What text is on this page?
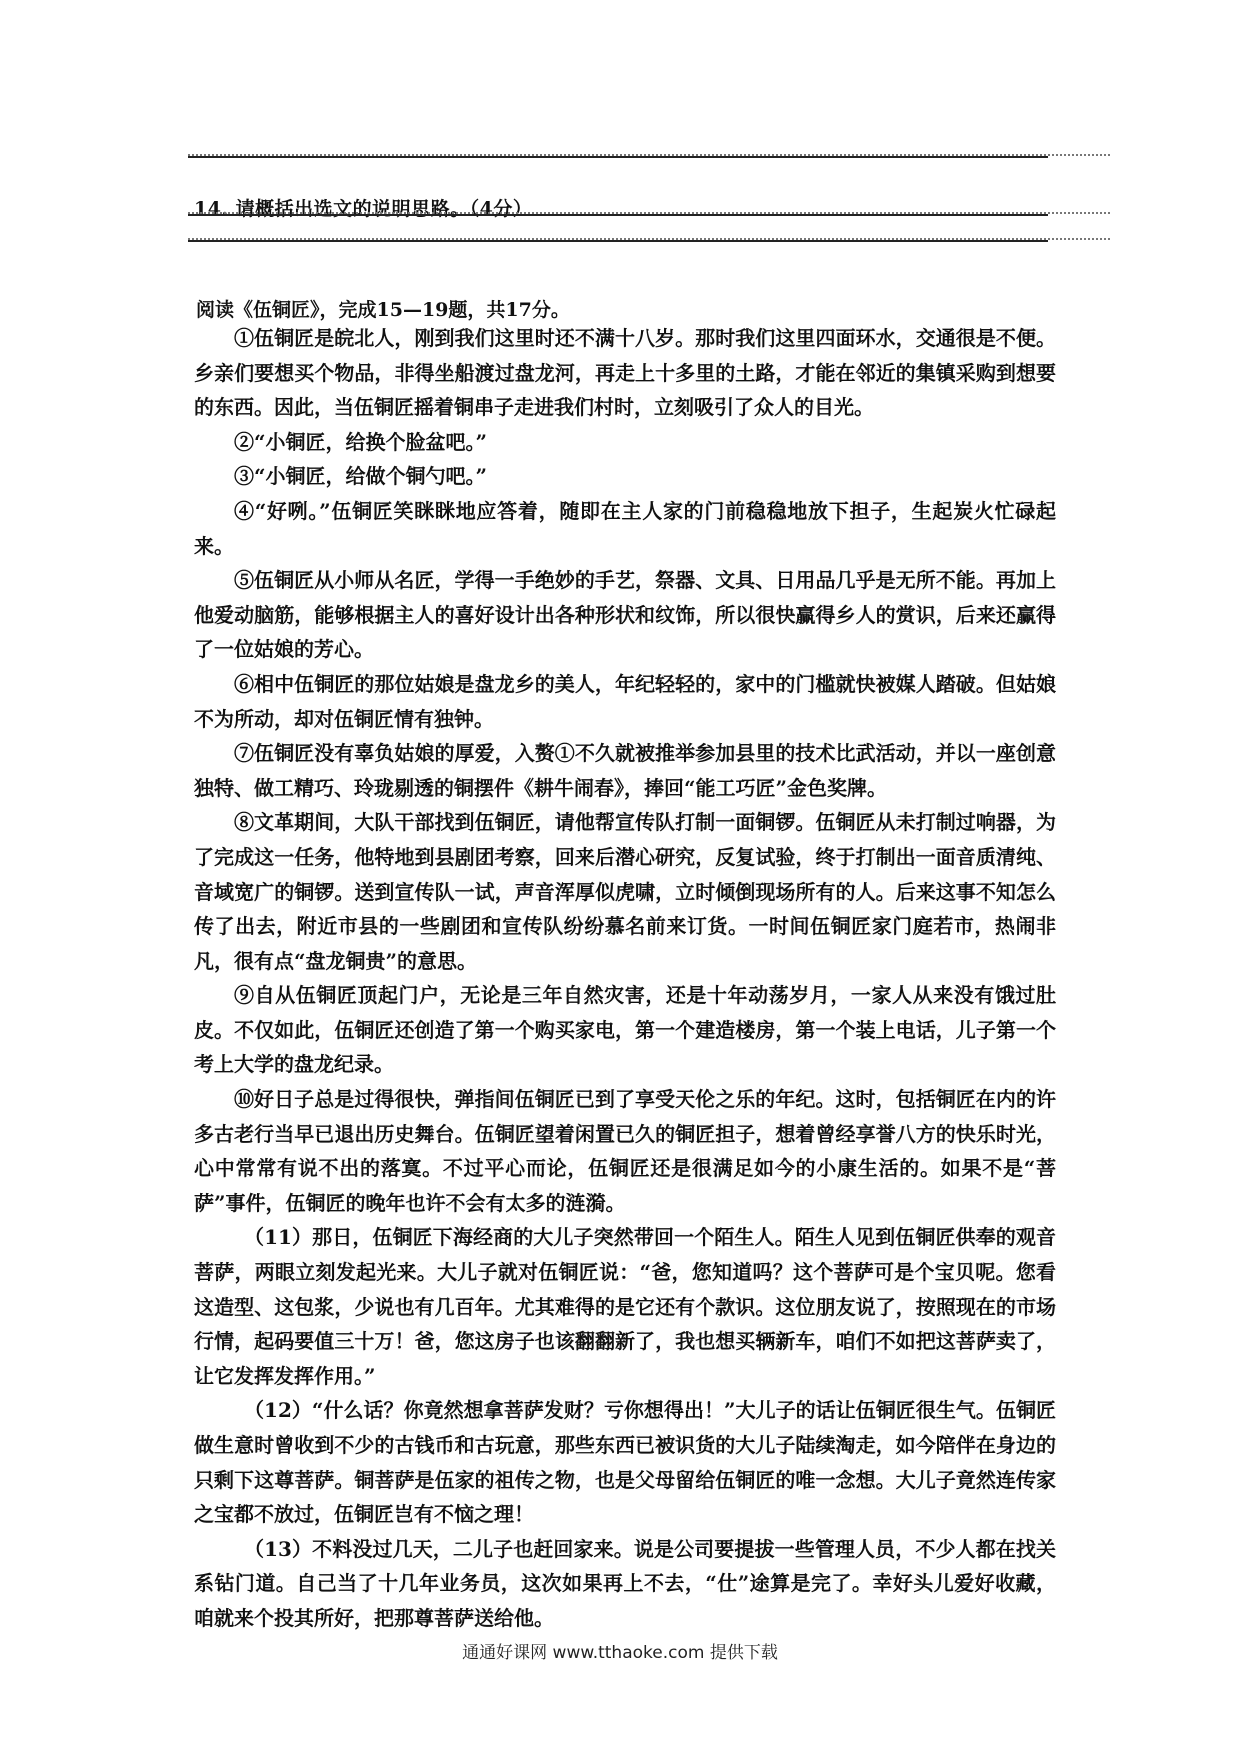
14. 请概括出选文的说明思路。（4分）
阅读《伍铜匠》，完成15—19题，共17分。

①伍铜匠是皖北人，刚到我们这里时还不满十八岁。那时我们这里四面环水，交通很是不便。乡亲们要想买个物品，非得坐船渡过盘龙河，再走上十多里的土路，才能在邻近的集镇采购到想要的东西。因此，当伍铜匠摇着铜串子走进我们村时，立刻吸引了众人的目光。

②“小铜匠，给换个脸盆吧。”

③“小铜匠，给做个铜勺吧。”

④“好咧。”伍铜匠笑眯眯地应答着，随即在主人家的门前稳稳地放下担子，生起炭火忙碌起来。

⑤伍铜匠从小师从名匠，学得一手绝妙的手艺，祭器、文具、日用品几乎是无所不能。再加上他爱动脑筋，能够根据主人的喜好设计出各种形状和纹饰，所以很快赢得乡人的赏识，后来还赢得了一位姑娘的芳心。

⑥相中伍铜匠的那位姑娘是盘龙乡的美人，年纪轻轻的，家中的门槛就快被媒人踏破。但姑娘不为所动，却对伍铜匠情有独钟。

⑦伍铜匠没有辜负姑娘的厚爱，入赘①不久就被推举参加县里的技术比武活动，并以一座创意独特、做工精巧、玲珑剔透的铜摆件《耕牛闹春》，捧回“能工巧匠”金色奖牌。

⑧文革期间，大队干部找到伍铜匠，请他帮宣传队打制一面铜锣。伍铜匠从未打制过响器，为了完成这一任务，他特地到县剧团考察，回来后潜心研究，反复试验，终于打制出一面音质清纯、音域宽广的铜锣。送到宣传队一试，声音浑厚似虎啸，立时倾倒现场所有的人。后来这事不知怎么传了出去，附近市县的一些剧团和宣传队纷纷慕名前来订货。一时间伍铜匠家门庭若市，热闹非凡，很有点“盘龙铜贵”的意思。

⑨自从伍铜匠顶起门户，无论是三年自然灾害，还是十年动荡岁月，一家人从来没有饿过肚皮。不仅如此，伍铜匠还创造了第一个购买家电，第一个建造楼房，第一个装上电话，儿子第一个考上大学的盘龙纪录。

⑩好日子总是过得很快，弹指间伍铜匠已到了享受天伦之乐的年纪。这时，包括铜匠在内的许多古老行当早已退出历史舞台。伍铜匠望着闲置已久的铜匠担子，想着曾经享誉八方的快乐时光，心中常常有说不出的落寞。不过平心而论，伍铜匠还是很满足如今的小康生活的。如果不是“菩萨”事件，伍铜匠的晚年也许不会有太多的涟漪。

（11）那日，伍铜匠下海经商的大儿子突然带回一个陌生人。陌生人见到伍铜匠供奉的观音菩萨，两眼立刻发起光来。大儿子就对伍铜匠说：“爸，您知道吗？这个菩萨可是个宝贝呢。您看这造型、这包浆，少说也有几百年。尤其难得的是它还有个款识。这位朋友说了，按照现在的市场行情，起码要值三十万！爸，您这房子也该翻翻新了，我也想买辆新车，咱们不如把这菩萨卖了，让它发挥发挥作用。”

（12）“什么话？你竟然想拿菩萨发财？亏你想得出！”大儿子的话让伍铜匠很生气。伍铜匠做生意时曾收到不少的古钱币和古玩意，那些东西已被识货的大儿子陆续淘走，如今陪伴在身边的只剩下这尊菩萨。铜菩萨是伍家的祖传之物，也是父母留给伍铜匠的唯一念想。大儿子竟然连传家之宝都不放过，伍铜匠岂有不恼之理！

（13）不料没过几天，二儿子也赶回家来。说是公司要提拔一些管理人员，不少人都在找关系钻门道。自己当了十几年业务员，这次如果再上不去，“仕”途算是完了。幸好头儿爱好收藏，咱就来个投其所好，把那尊菩萨送给他。

通通好课网 www.tthaoke.com 提供下载
